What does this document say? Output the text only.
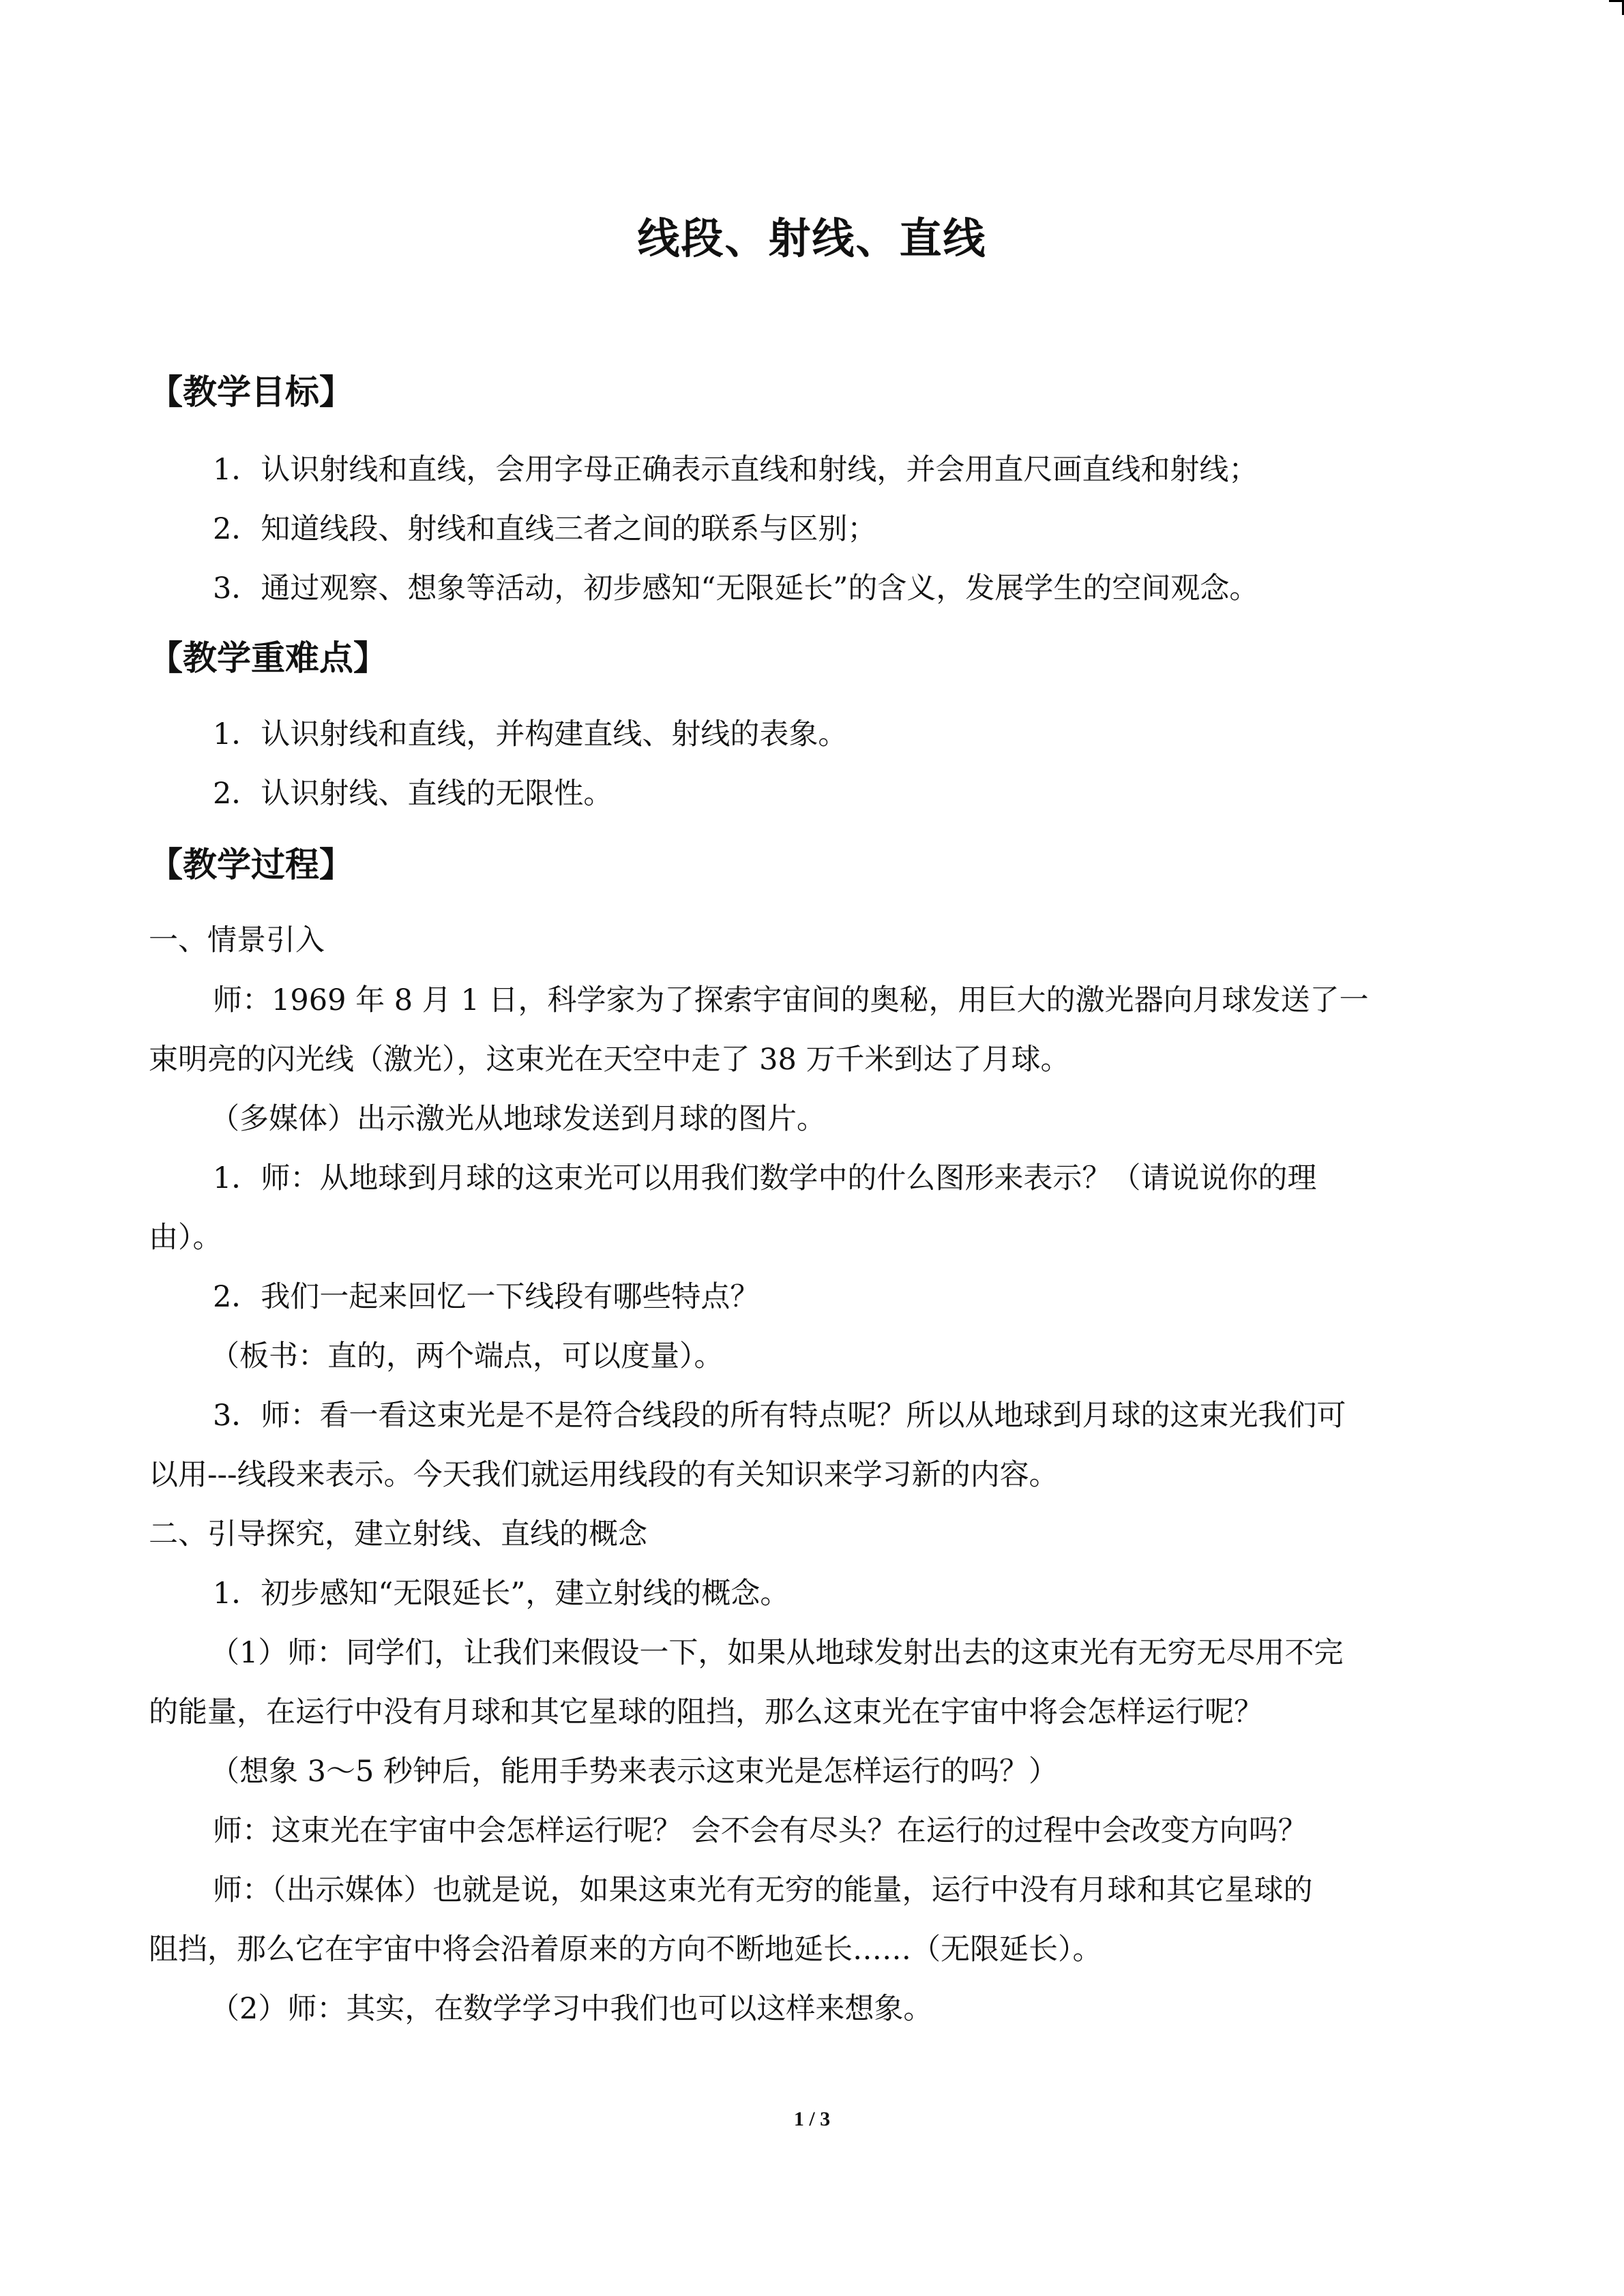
线段、射线、直线
【教学目标】
1．认识射线和直线，会用字母正确表示直线和射线，并会用直尺画直线和射线；
2．知道线段、射线和直线三者之间的联系与区别；
3．通过观察、想象等活动，初步感知“无限延长”的含义，发展学生的空间观念。
【教学重难点】
1．认识射线和直线，并构建直线、射线的表象。
2．认识射线、直线的无限性。
【教学过程】
一、情景引入
师：1969 年 8 月 1 日，科学家为了探索宇宙间的奥秘，用巨大的激光器向月球发送了一
束明亮的闪光线（激光），这束光在天空中走了 38 万千米到达了月球。
（多媒体）出示激光从地球发送到月球的图片。
1．师：从地球到月球的这束光可以用我们数学中的什么图形来表示？（请说说你的理
由）。
2．我们一起来回忆一下线段有哪些特点？
（板书：直的，两个端点，可以度量）。
3．师：看一看这束光是不是符合线段的所有特点呢？所以从地球到月球的这束光我们可
以用---线段来表示。今天我们就运用线段的有关知识来学习新的内容。
二、引导探究，建立射线、直线的概念
1．初步感知“无限延长”，建立射线的概念。
（1）师：同学们，让我们来假设一下，如果从地球发射出去的这束光有无穷无尽用不完
的能量，在运行中没有月球和其它星球的阻挡，那么这束光在宇宙中将会怎样运行呢？
（想象 3～5 秒钟后，能用手势来表示这束光是怎样运行的吗？）
师：这束光在宇宙中会怎样运行呢？ 会不会有尽头？在运行的过程中会改变方向吗？
师：（出示媒体）也就是说，如果这束光有无穷的能量，运行中没有月球和其它星球的
阻挡，那么它在宇宙中将会沿着原来的方向不断地延长……（无限延长）。
（2）师：其实，在数学学习中我们也可以这样来想象。
1 / 3
